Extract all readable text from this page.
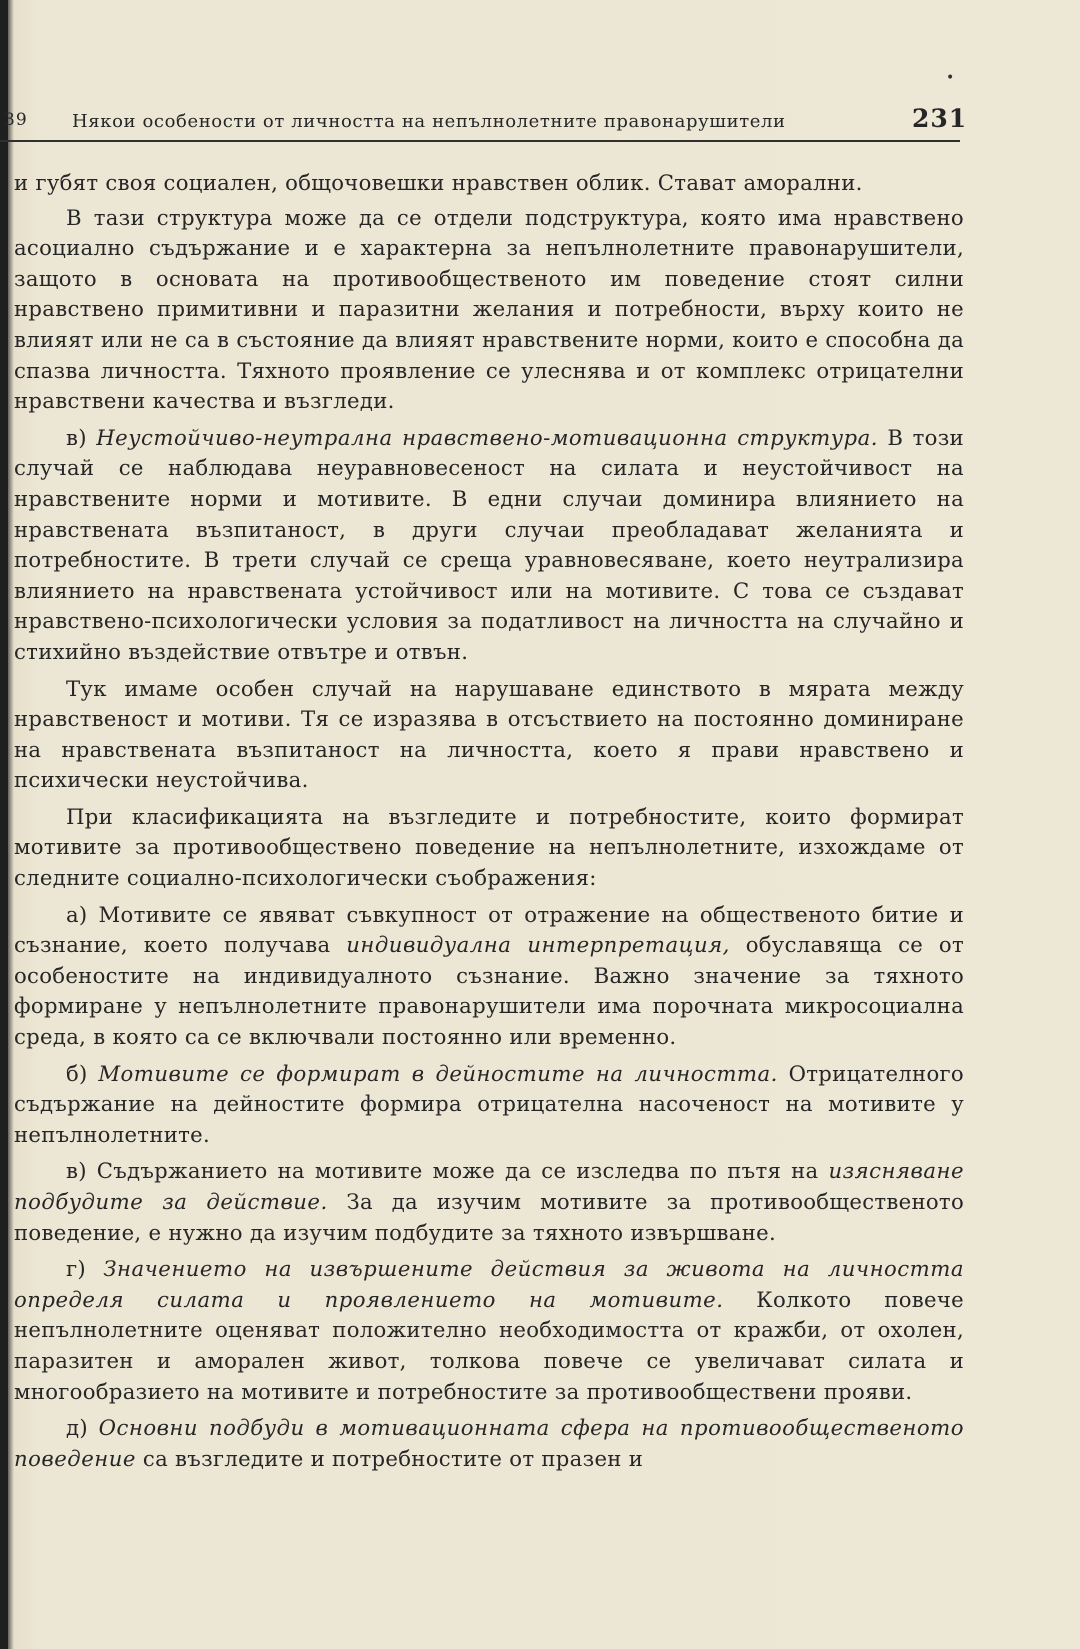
39 Някои особености от личността на непълнолетните правонарушители	231
•

и губят своя социален, общочовешки нравствен облик. Стават аморални.

В тази структура може да се отдели подструктура, която има нравствено асоциално съдържание и е характерна за непълнолетните правонарушители, защото в основата на противообщественото им поведение стоят силни нравствено примитивни и паразитни желания и потребности, върху които не влияят или не са в състояние да влияят нравствените норми, които е способна да спазва личността. Тяхното проявление се улеснява и от комплекс отрицателни нравствени качества и възгледи.

в) Неустойчиво-неутрална нравствено-мотивационна структура. В този случай се наблюдава неуравновесеност на силата и неустойчивост на нравствените норми и мотивите. В едни случаи доминира влиянието на нравствената възпитаност, в други случаи преобладават желанията и потребностите. В трети случай се среща уравновесяване, което неутрализира влиянието на нравствената устойчивост или на мотивите. С това се създават нравствено-психологически условия за податливост на личността на случайно и стихийно въздействие отвътре и отвън.

Тук имаме особен случай на нарушаване единството в мярата между нравственост и мотиви. Тя се изразява в отсъствието на постоянно доминиране на нравствената възпитаност на личността, което я прави нравствено и психически неустойчива.

При класификацията на възгледите и потребностите, които формират мотивите за противообществено поведение на непълнолетните, изхождаме от следните социално-психологически съображения:

а) Мотивите се явяват съвкупност от отражение на общественото битие и съзнание, което получава индивидуална интерпретация, обуславяща се от особеностите на индивидуалното съзнание. Важно значение за тяхното формиране у непълнолетните правонарушители има порочната микросоциална среда, в която са се включвали постоянно или временно.

б) Мотивите се формират в дейностите на личността. Отрицателного съдържание на дейностите формира отрицателна насоченост на мотивите у непълнолетните.

в) Съдържанието на мотивите може да се изследва по пътя на изясняване подбудите за действие. За да изучим мотивите за противообщественото поведение, е нужно да изучим подбудите за тяхното извършване.

г) Значението на извършените действия за живота на личността определя силата и проявлението на мотивите. Колкото повече непълнолетните оценяват положително необходимостта от кражби, от охолен, паразитен и аморален живот, толкова повече се увеличават силата и многообразието на мотивите и потребностите за противообществени прояви.

д) Основни подбуди в мотивационната сфера на противообщественото поведение са възгледите и потребностите от празен и
